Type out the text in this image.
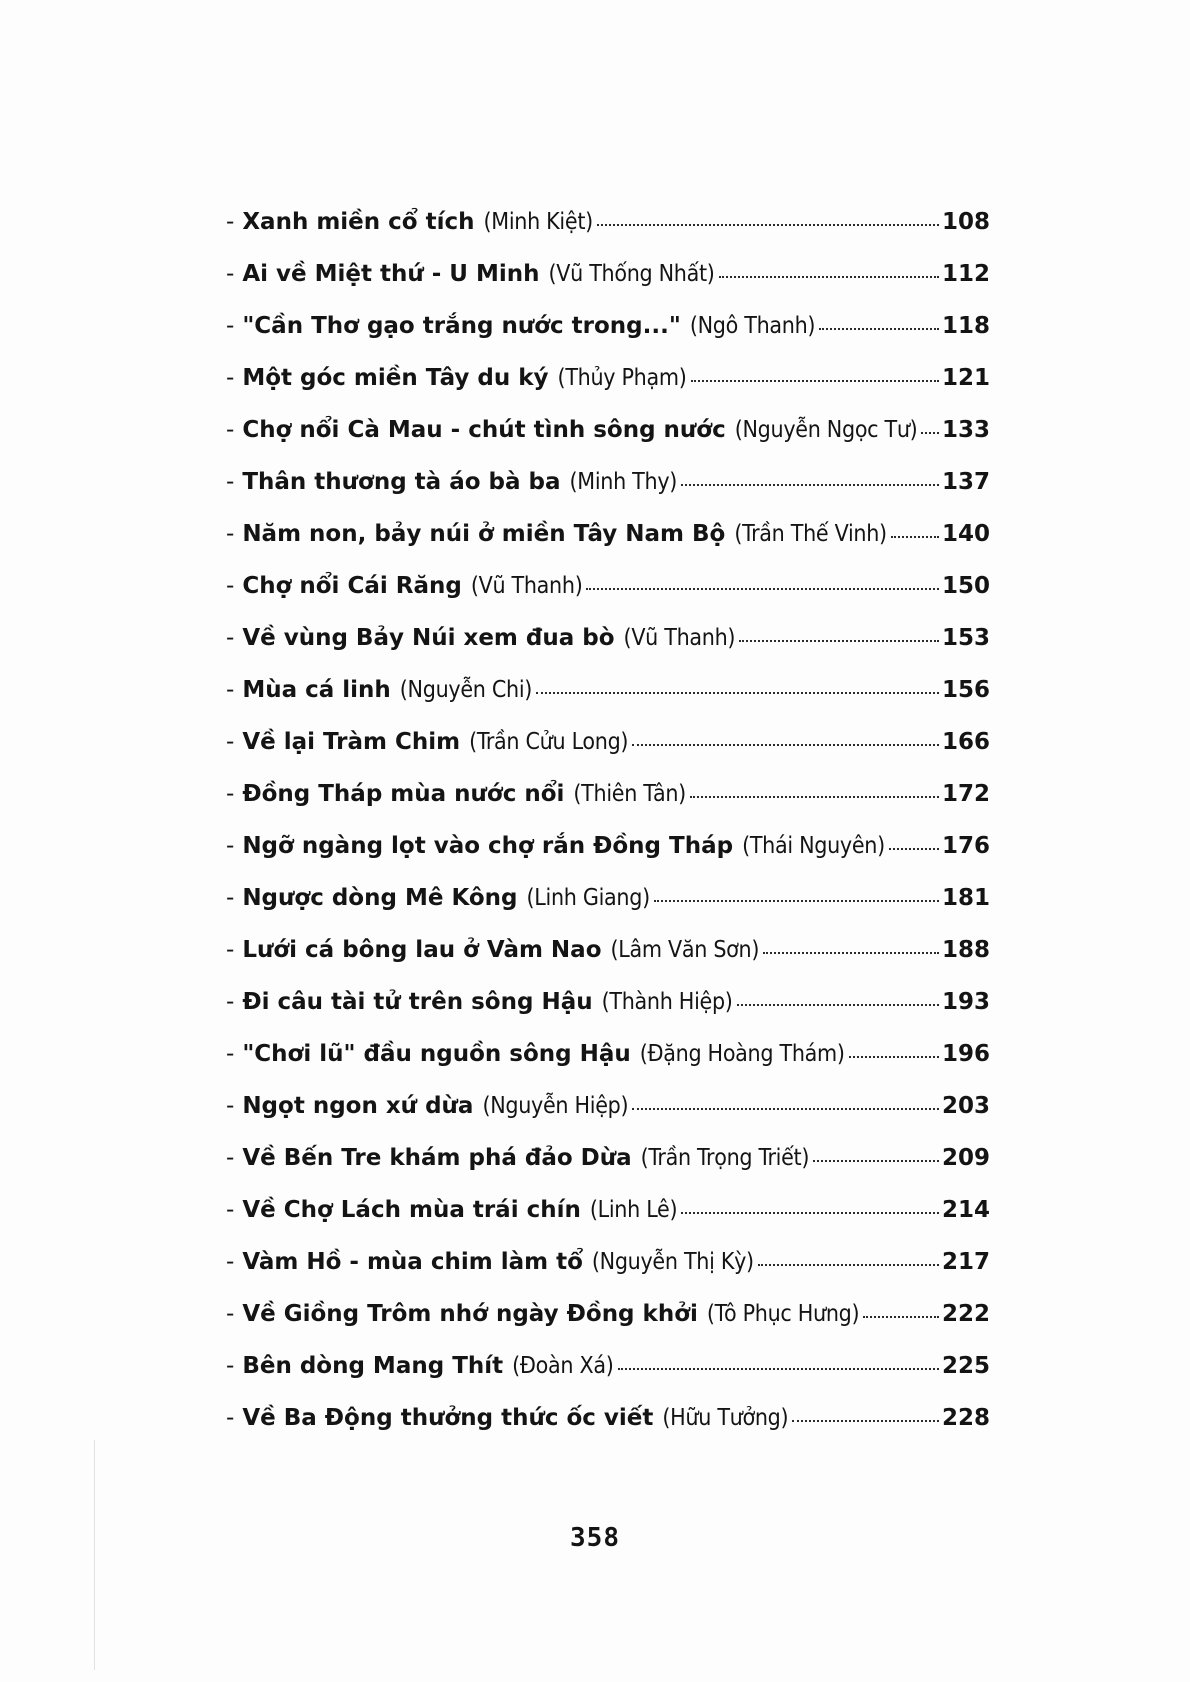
- Xanh miền cổ tích (Minh Kiệt)	108
- Ai về Miệt thứ - U Minh (Vũ Thống Nhất)	112
- "Cần Thơ gạo trắng nước trong..." (Ngô Thanh)	118
- Một góc miền Tây du ký (Thủy Phạm)	121
- Chợ nổi Cà Mau - chút tình sông nước (Nguyễn Ngọc Tư) 133
- Thân thương tà áo bà ba (Minh Thy)	137
- Năm non, bảy núi ở miền Tây Nam Bộ (Trần Thế Vinh) 140
- Chợ nổi Cái Răng (Vũ Thanh)	150
- Về vùng Bảy Núi xem đua bò (Vũ Thanh)	153
- Mùa cá linh (Nguyễn Chi)	156
- Về lại Tràm Chim (Trần Cửu Long)	166
- Đồng Tháp mùa nước nổi (Thiên Tân)	172
- Ngỡ ngàng lọt vào chợ rắn Đồng Tháp (Thái Nguyên) 176
- Ngược dòng Mê Kông (Linh Giang)	181
- Lưới cá bông lau ở Vàm Nao (Lâm Văn Sơn)	188
- Đi câu tài tử trên sông Hậu (Thành Hiệp)	193
- "Chơi lũ" đầu nguồn sông Hậu (Đặng Hoàng Thám)	196
- Ngọt ngon xứ dừa (Nguyễn Hiệp)	203
- Về Bến Tre khám phá đảo Dừa (Trần Trọng Triết)	209
- Về Chợ Lách mùa trái chín (Linh Lê)	214
- Vàm Hồ - mùa chim làm tổ (Nguyễn Thị Kỳ)	217
- Về Giồng Trôm nhớ ngày Đồng khởi (Tô Phục Hưng)	222
- Bên dòng Mang Thít (Đoàn Xá)	225
- Về Ba Động thưởng thức ốc viết (Hữu Tưởng)	228
358
